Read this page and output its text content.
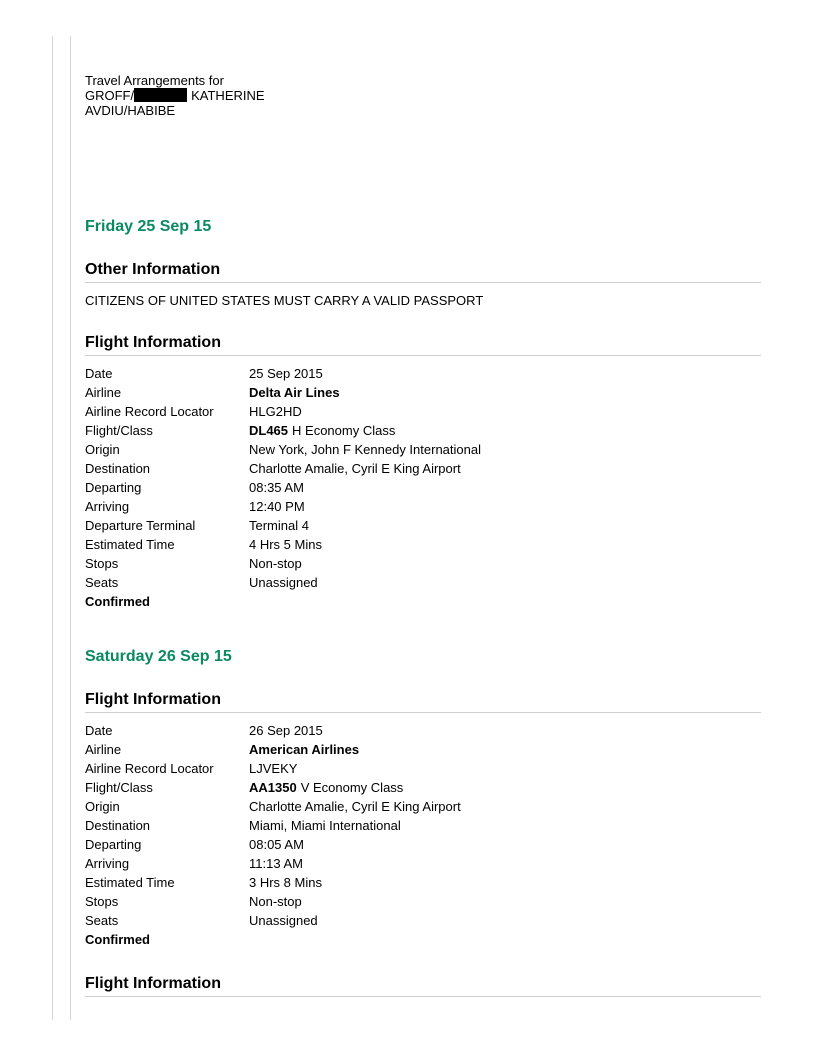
Travel Arrangements for
GROFF/	KATHERINE
AVDIU/HABIBE
Friday 25 Sep 15
Other Information
CITIZENS OF UNITED STATES MUST CARRY A VALID PASSPORT
Flight Information
Date	25 Sep 2015
Airline	Delta Air Lines
Airline Record Locator	HLG2HD
Flight/Class	DL465 H Economy Class
Origin	New York, John F Kennedy International
Destination	Charlotte Amalie, Cyril E King Airport
Departing	08:35 AM
Arriving	12:40 PM
Departure Terminal	Terminal 4
Estimated Time	4 Hrs 5 Mins
Stops	Non-stop
Seats	Unassigned
Confirmed
Saturday 26 Sep 15
Flight Information
Date	26 Sep 2015
Airline	American Airlines
Airline Record Locator	LJVEKY
Flight/Class	AA1350 V Economy Class
Origin	Charlotte Amalie, Cyril E King Airport
Destination	Miami, Miami International
Departing	08:05 AM
Arriving	11:13 AM
Estimated Time	3 Hrs 8 Mins
Stops	Non-stop
Seats	Unassigned
Confirmed
Flight Information
